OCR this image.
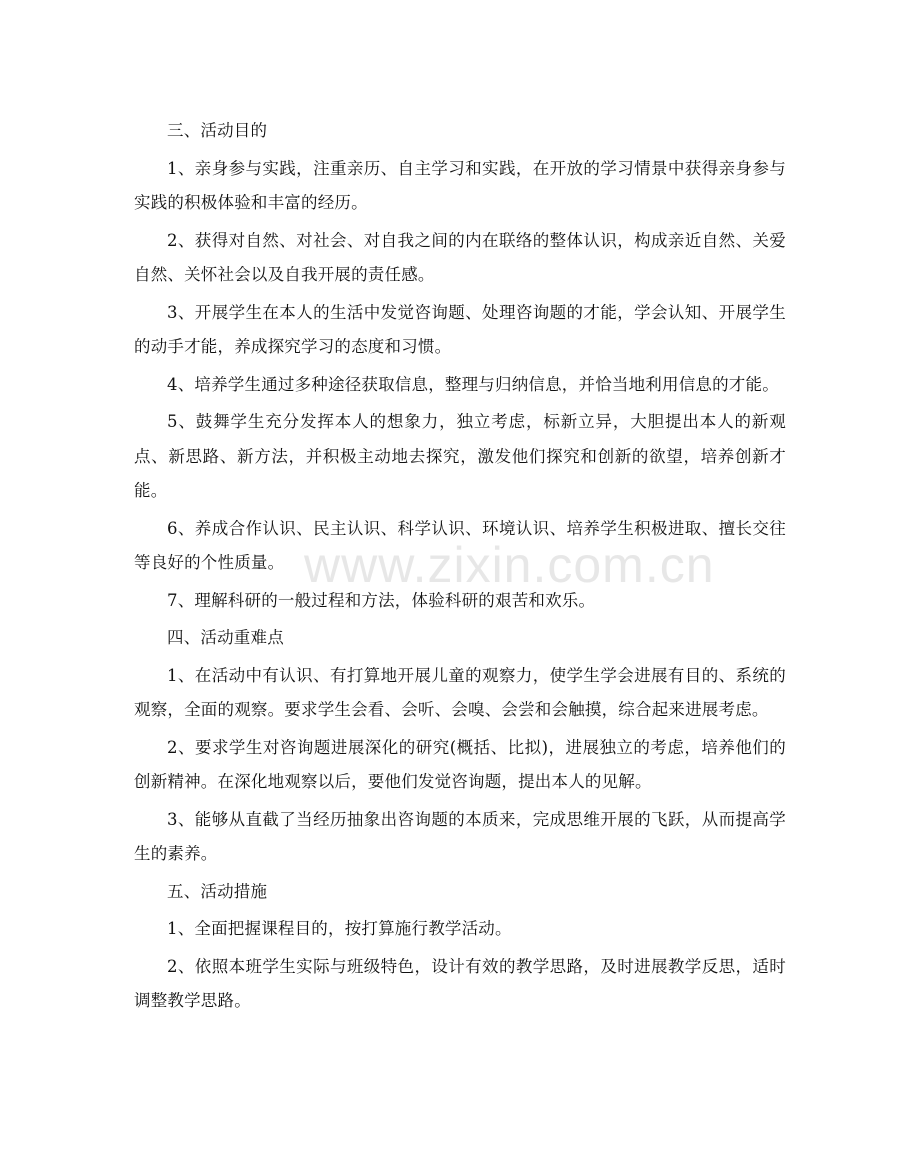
三、活动目的

1、亲身参与实践，注重亲历、自主学习和实践，在开放的学习情景中获得亲身参与实践的积极体验和丰富的经历。

2、获得对自然、对社会、对自我之间的内在联络的整体认识，构成亲近自然、关爱自然、关怀社会以及自我开展的责任感。

3、开展学生在本人的生活中发觉咨询题、处理咨询题的才能，学会认知、开展学生的动手才能，养成探究学习的态度和习惯。

4、培养学生通过多种途径获取信息，整理与归纳信息，并恰当地利用信息的才能。

5、鼓舞学生充分发挥本人的想象力，独立考虑，标新立异，大胆提出本人的新观点、新思路、新方法，并积极主动地去探究，激发他们探究和创新的欲望，培养创新才能。

6、养成合作认识、民主认识、科学认识、环境认识、培养学生积极进取、擅长交往等良好的个性质量。

7、理解科研的一般过程和方法，体验科研的艰苦和欢乐。

四、活动重难点

1、在活动中有认识、有打算地开展儿童的观察力，使学生学会进展有目的、系统的观察，全面的观察。要求学生会看、会听、会嗅、会尝和会触摸，综合起来进展考虑。

2、要求学生对咨询题进展深化的研究(概括、比拟)，进展独立的考虑，培养他们的创新精神。在深化地观察以后，要他们发觉咨询题，提出本人的见解。

3、能够从直截了当经历抽象出咨询题的本质来，完成思维开展的飞跃，从而提高学生的素养。

五、活动措施

1、全面把握课程目的，按打算施行教学活动。

2、依照本班学生实际与班级特色，设计有效的教学思路，及时进展教学反思，适时调整教学思路。

www.zixin.com.cn
